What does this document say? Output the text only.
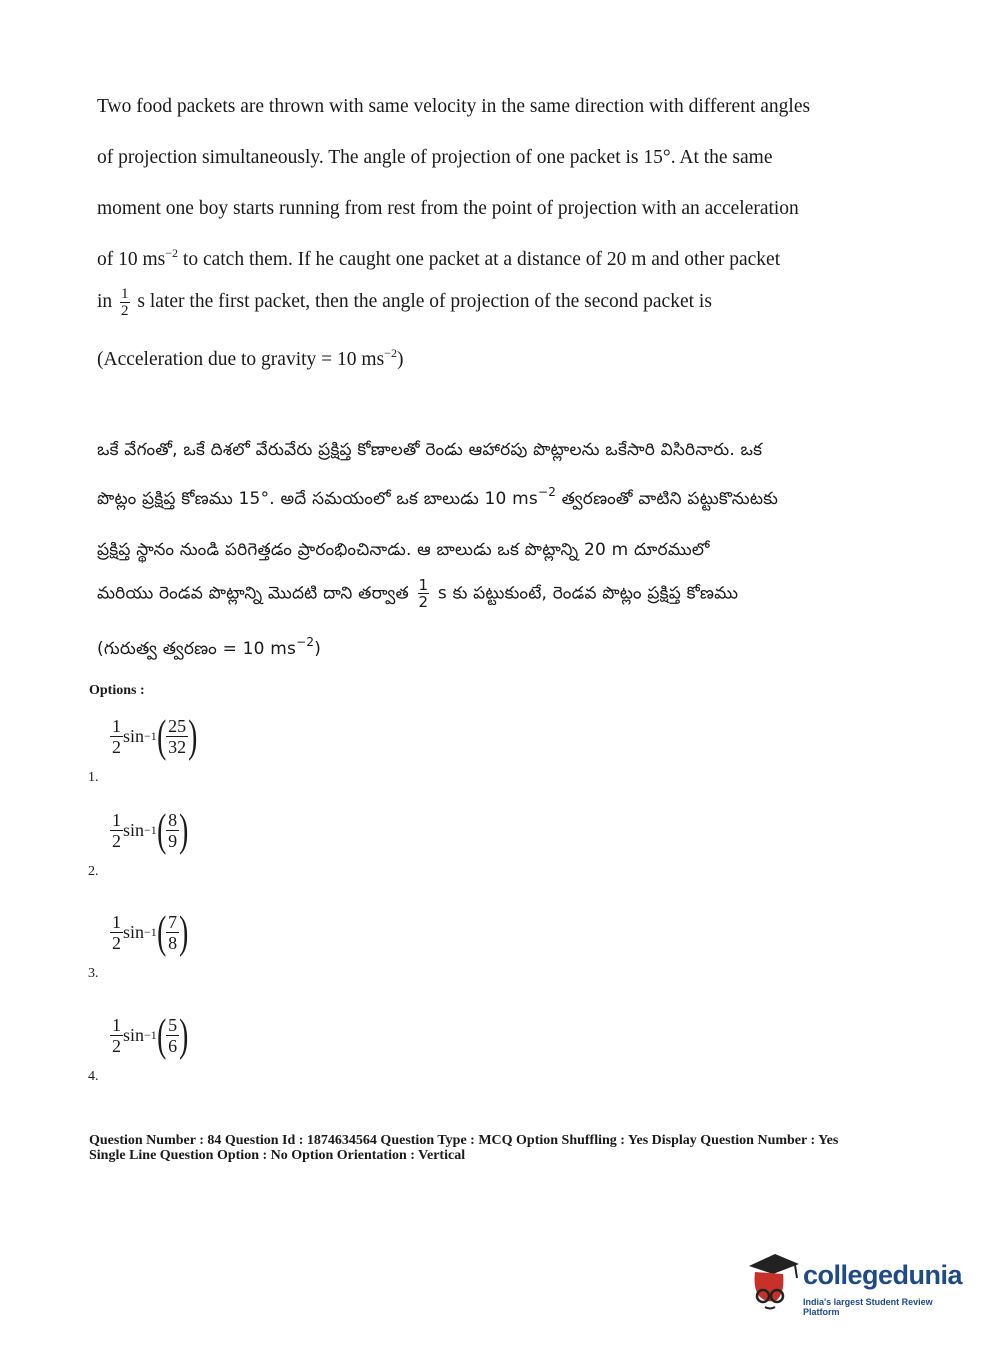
Two food packets are thrown with same velocity in the same direction with different angles
of projection simultaneously. The angle of projection of one packet is 15°. At the same
moment one boy starts running from rest from the point of projection with an acceleration
of 10 $ms^{-2}$ to catch them. If he caught one packet at a distance of 20 m and other packet
in $\frac{1}{2}$ s later the first packet, then the angle of projection of the second packet is
(Acceleration due to gravity = 10 $ms^{-2}$)
ఒకే వేగంతో, ఒకే దిశలో వేరువేరు ప్రక్షిప్త కోణాలతో రెండు ఆహారపు పొట్లాలను ఒకేసారి విసిరినారు. ఒక
పొట్లం ప్రక్షిప్త కోణము 15°. అదే సమయంలో ఒక బాలుడు 10 $ms^{-2}$ త్వరణంతో వాటిని పట్టుకొనుటకు
ప్రక్షిప్త స్థానం నుండి పరిగెత్తడం ప్రారంభించినాడు. ఆ బాలుడు ఒక పొట్లాన్ని 20 m దూరములో
మరియు రెండవ పొట్లాన్ని మొదటి దాని తర్వాత $\frac{1}{2}$ s కు పట్టుకుంటే, రెండవ పొట్లం ప్రక్షిప్త కోణము
(గురుత్వ త్వరణం = 10 $ms^{-2}$)
Options :
$\frac{1}{2}$ sin −1 ( $\frac{25}{32}$ )
1.
$\frac{1}{2}$ sin −1 ( $\frac{8}{9}$ )
2.
$\frac{1}{2}$ sin −1 ( $\frac{7}{8}$ )
3.
$\frac{1}{2}$ sin −1 ( $\frac{5}{6}$ )
4.
Question Number : 84 Question Id : 1874634564 Question Type : MCQ Option Shuffling : Yes Display Question Number : Yes
Single Line Question Option : No Option Orientation : Vertical
collegedunia
India's largest Student Review Platform
